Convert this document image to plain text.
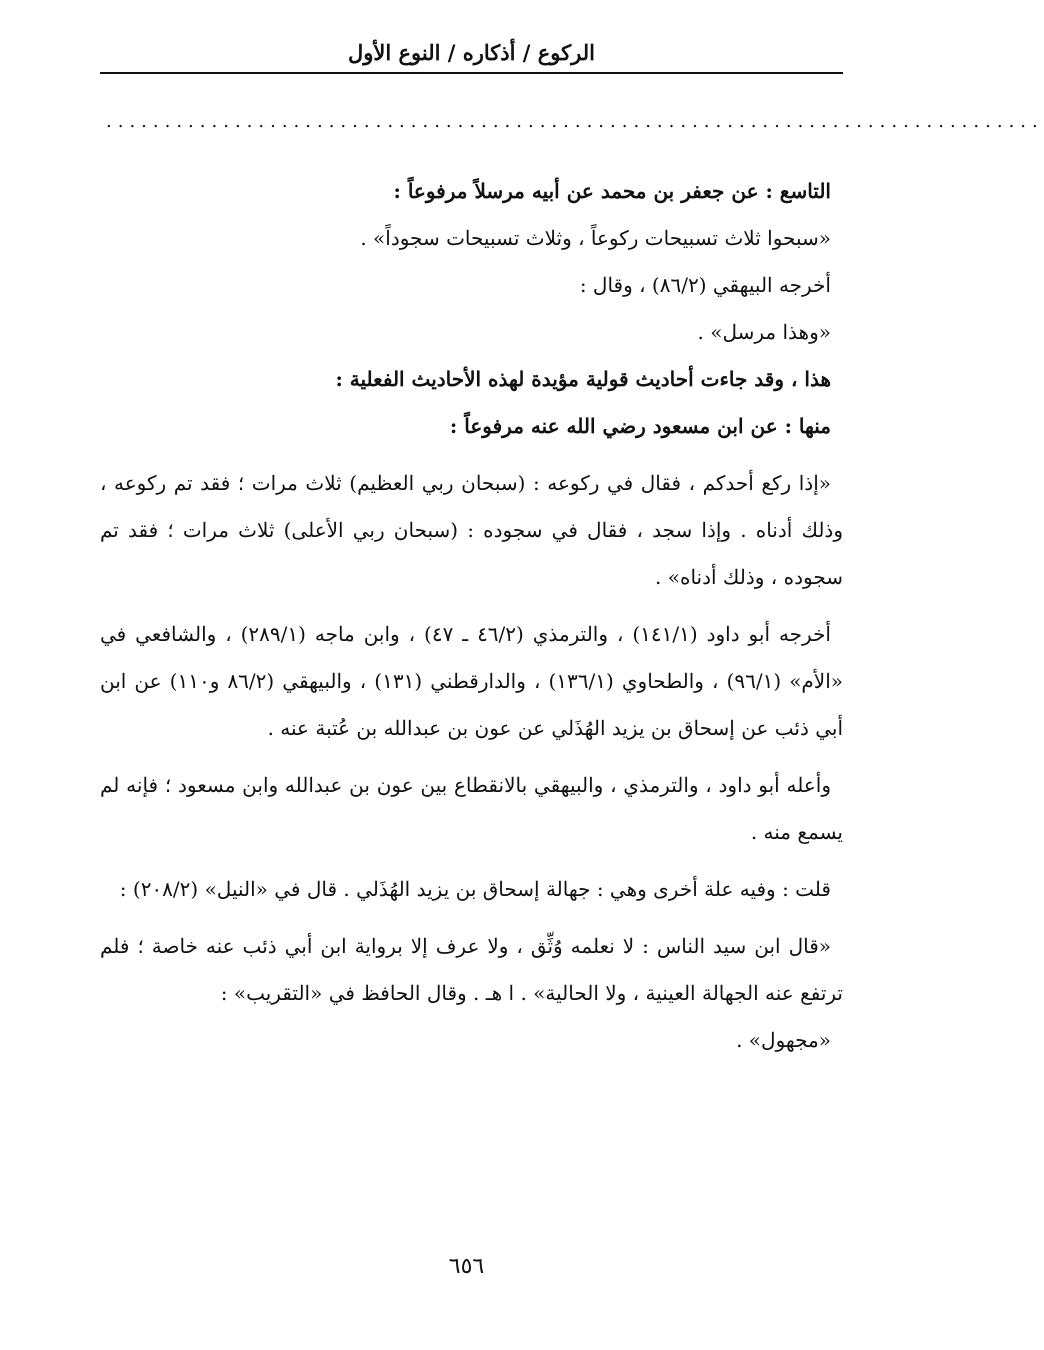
الركوع / أذكاره / النوع الأول
................................................................................

التاسع : عن جعفر بن محمد عن أبيه مرسلاً مرفوعاً :

«سبحوا ثلاث تسبيحات ركوعاً ، وثلاث تسبيحات سجوداً» .

أخرجه البيهقي (٨٦/٢) ، وقال :

«وهذا مرسل» .

هذا ، وقد جاءت أحاديث قولية مؤيدة لهذه الأحاديث الفعلية :

منها : عن ابن مسعود رضي الله عنه مرفوعاً :

«إذا ركع أحدكم ، فقال في ركوعه : (سبحان ربي العظيم) ثلاث مرات ؛ فقد تم ركوعه ، وذلك أدناه . وإذا سجد ، فقال في سجوده : (سبحان ربي الأعلى) ثلاث مرات ؛ فقد تم سجوده ، وذلك أدناه» .

أخرجه أبو داود (١٤١/١) ، والترمذي (٤٦/٢ ـ ٤٧) ، وابن ماجه (٢٨٩/١) ، والشافعي في «الأم» (٩٦/١) ، والطحاوي (١٣٦/١) ، والدارقطني (١٣١) ، والبيهقي (٨٦/٢ و١١٠) عن ابن أبي ذئب عن إسحاق بن يزيد الهُذَلي عن عون بن عبدالله بن عُتبة عنه .

وأعله أبو داود ، والترمذي ، والبيهقي بالانقطاع بين عون بن عبدالله وابن مسعود ؛ فإنه لم يسمع منه .

قلت : وفيه علة أخرى وهي : جهالة إسحاق بن يزيد الهُذَلي . قال في «النيل» (٢٠٨/٢) :

«قال ابن سيد الناس : لا نعلمه وُثِّق ، ولا عرف إلا برواية ابن أبي ذئب عنه خاصة ؛ فلم ترتفع عنه الجهالة العينية ، ولا الحالية» . ا هـ . وقال الحافظ في «التقريب» :

«مجهول» .

٦٥٦
